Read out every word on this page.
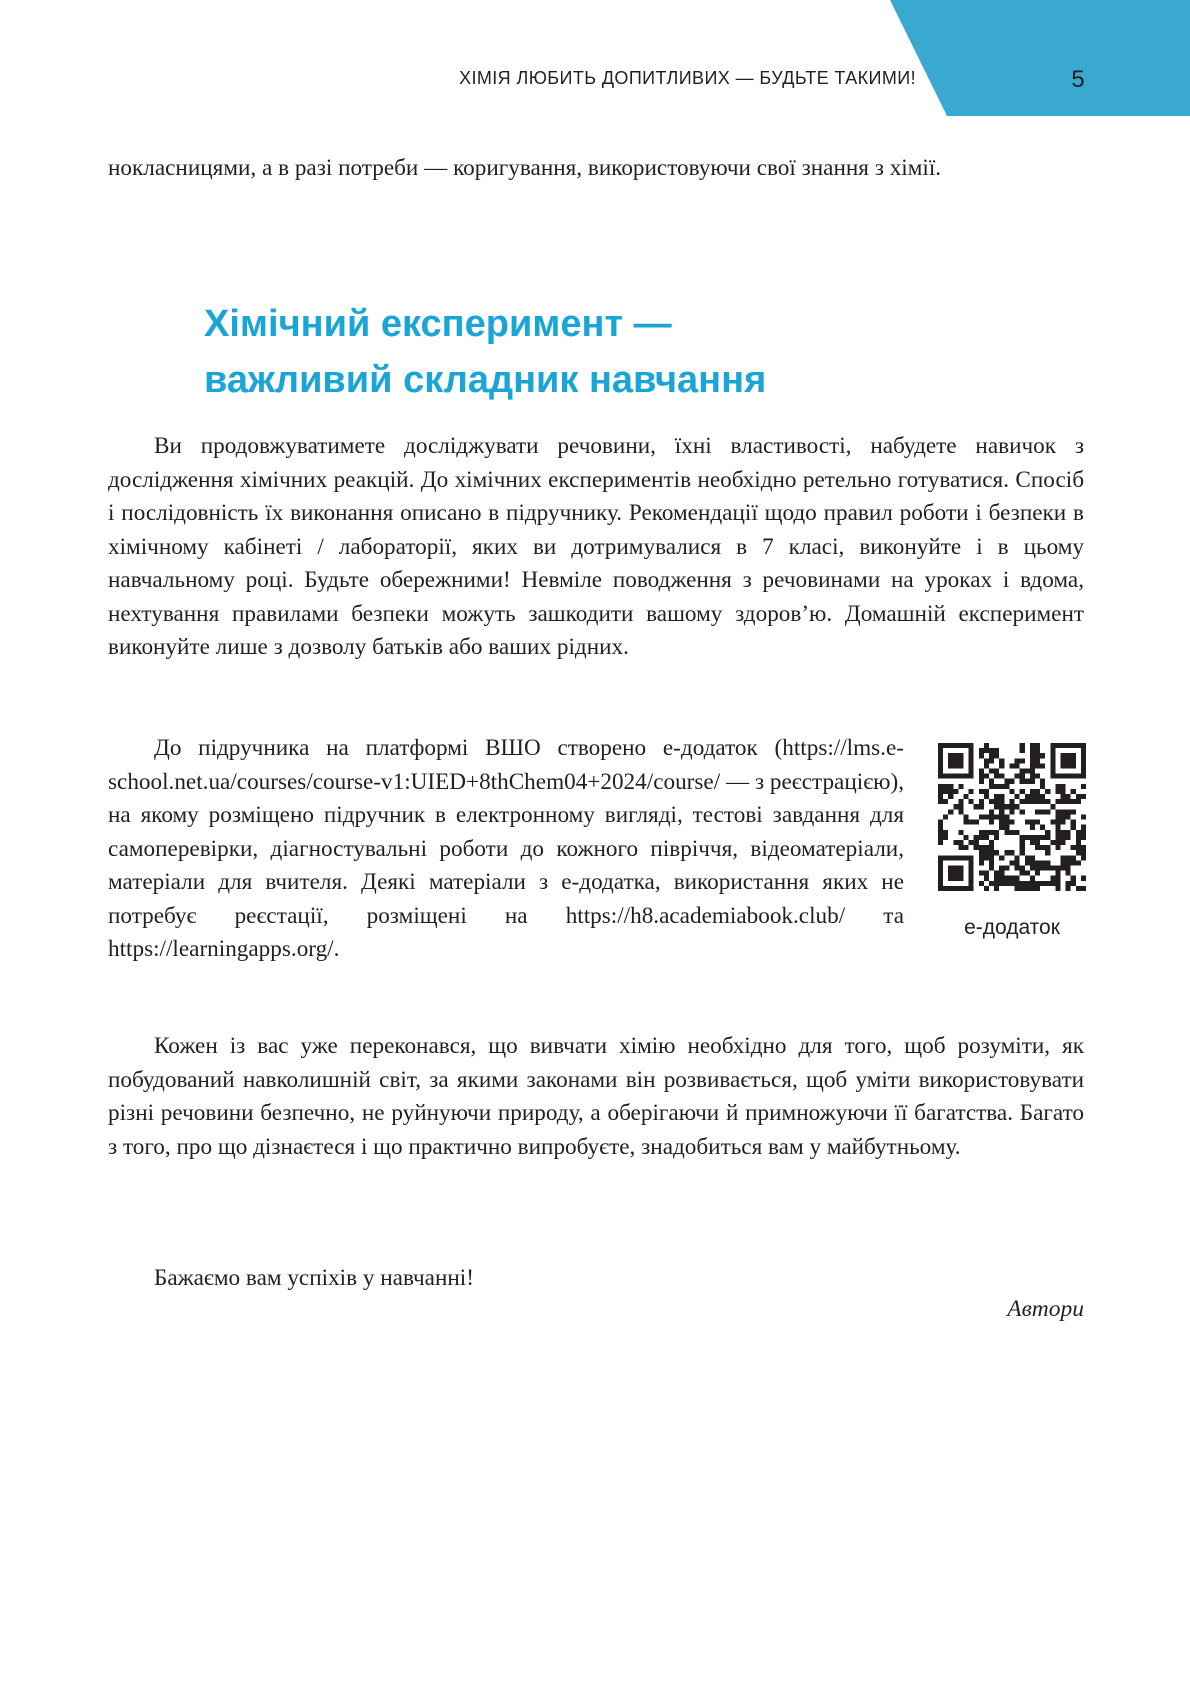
ХІМІЯ ЛЮБИТЬ ДОПИТЛИВИХ — БУДЬТЕ ТАКИМИ!	5

нокласницями, а в разі потреби — коригування, використовуючи свої знання з хімії.

Хімічний експеримент —
важливий складник навчання

Ви продовжуватимете досліджувати речовини, їхні властивості, набудете навичок з дослідження хімічних реакцій. До хімічних експериментів необхідно ретельно готуватися. Спосіб і послідовність їх виконання описано в підручнику. Рекомендації щодо правил роботи і безпеки в хімічному кабінеті / лабораторії, яких ви дотримувалися в 7 класі, виконуйте і в цьому навчальному році. Будьте обережними! Невміле поводження з речовинами на уроках і вдома, нехтування правилами безпеки можуть зашкодити вашому здоров’ю. Домашній експеримент виконуйте лише з дозволу батьків або ваших рідних.

До підручника на платформі ВШО створено е-додаток (https://lms.e-school.net.ua/courses/course-v1:UIED+8thChem04+2024/course/ — з реєстрацією), на якому розміщено підручник в електронному вигляді, тестові завдання для самоперевірки, діагностувальні роботи до кожного півріччя, відеоматеріали, матеріали для вчителя. Деякі матеріали з е-додатка, використання яких не потребує реєстації, розміщені на https://h8.academiabook.club/ та https://learningapps.org/.

е-додаток

Кожен із вас уже переконався, що вивчати хімію необхідно для того, щоб розуміти, як побудований навколишній світ, за якими законами він розвивається, щоб уміти використовувати різні речовини безпечно, не руйнуючи природу, а оберігаючи й примножуючи її багатства. Багато з того, про що дізнаєтеся і що практично випробуєте, знадобиться вам у майбутньому.

Бажаємо вам успіхів у навчанні!

Автори
